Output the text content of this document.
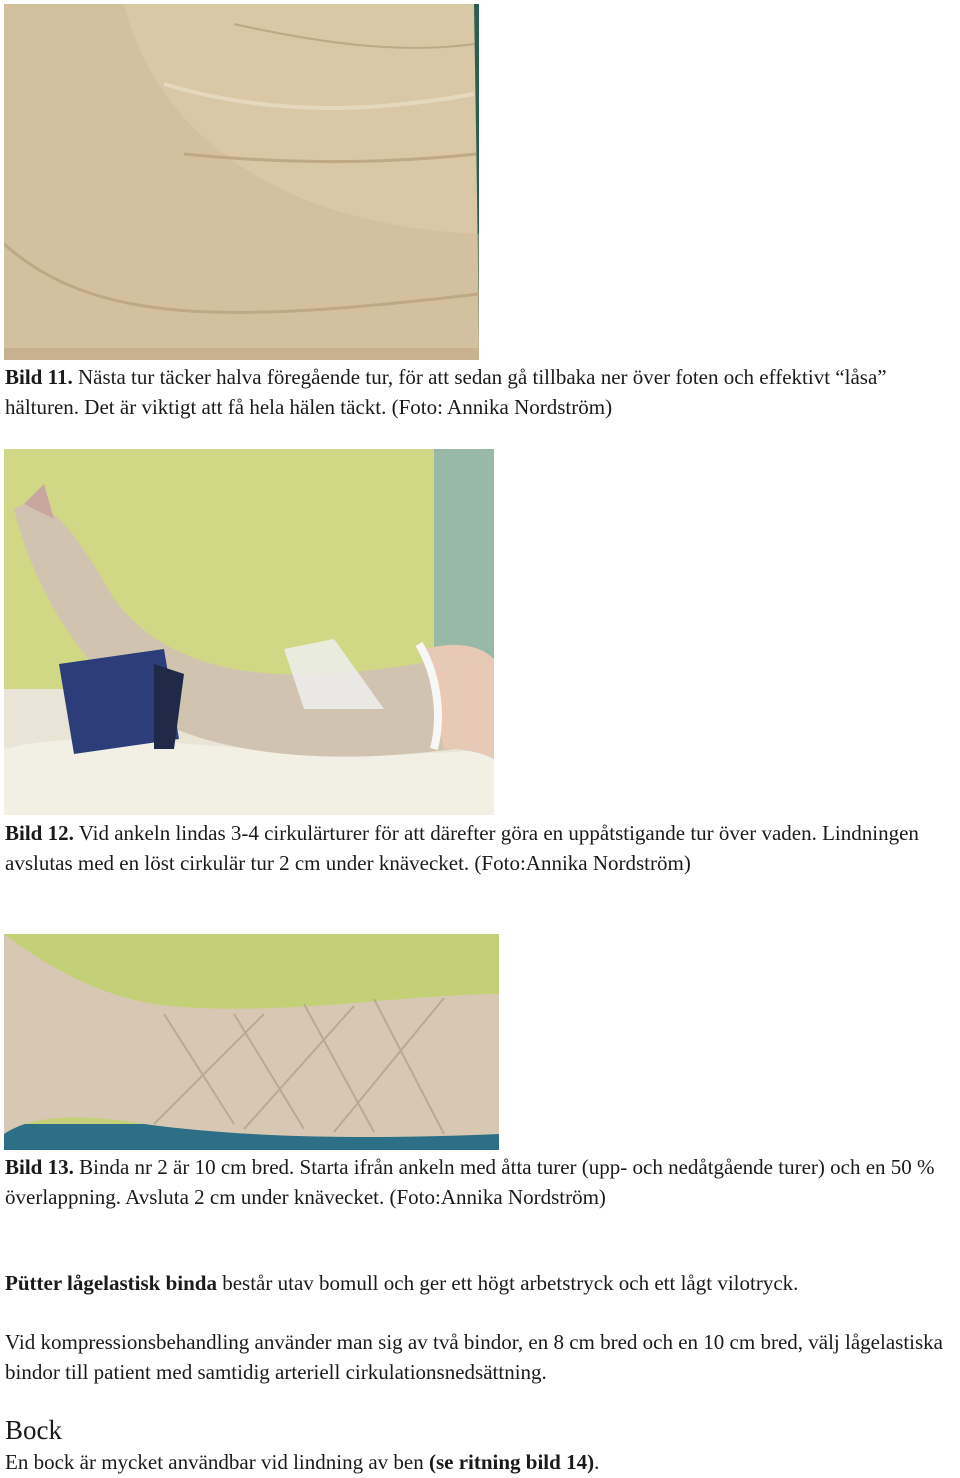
Bild 11. Nästa tur täcker halva föregående tur, för att sedan gå tillbaka ner över foten och effektivt “låsa” hälturen. Det är viktigt att få hela hälen täckt. (Foto: Annika Nordström)

Bild 12. Vid ankeln lindas 3-4 cirkulärturer för att därefter göra en uppåtstigande tur över vaden. Lindningen avslutas med en löst cirkulär tur 2 cm under knävecket. (Foto:Annika Nordström)

Bild 13. Binda nr 2 är 10 cm bred. Starta ifrån ankeln med åtta turer (upp- och nedåtgående turer) och en 50 % överlappning. Avsluta 2 cm under knävecket. (Foto:Annika Nordström)

Pütter lågelastisk binda består utav bomull och ger ett högt arbetstryck och ett lågt vilotryck.

Vid kompressionsbehandling använder man sig av två bindor, en 8 cm bred och en 10 cm bred, välj lågelastiska bindor till patient med samtidig arteriell cirkulationsnedsättning.

Bock

En bock är mycket användbar vid lindning av ben (se ritning bild 14).
